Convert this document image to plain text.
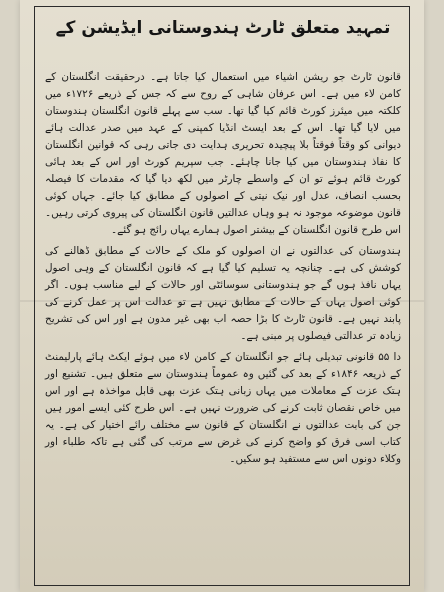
تمہید متعلق ٹارٹ ہندوستانی ایڈیشن کے

قانون ٹارٹ جو ریشن اشیاء میں استعمال کیا جاتا ہے۔ درحقیقت انگلستان کے کامن لاء میں ہے۔ اس عرفان شاہی کے روح سے کہ جس کے ذریعے ۱۷۲۶ء میں کلکتہ میں میئرز کورٹ قائم کیا گیا تھا۔ سب سے پہلے قانون انگلستان ہندوستان میں لایا گیا تھا۔ اس کے بعد ایسٹ انڈیا کمپنی کے عہد میں صدر عدالت ہائے دیوانی کو وقتاً فوقتاً بلا پیچیدہ تحریری ہدایت دی جاتی رہی کہ قوانین انگلستان کا نفاذ ہندوستان میں کیا جانا چاہئے۔ جب سپریم کورٹ اور اس کے بعد ہائی کورٹ قائم ہوئے تو ان کے واسطے چارٹر میں لکھ دیا گیا کہ مقدمات کا فیصلہ بحسب انصاف، عدل اور نیک نیتی کے اصولوں کے مطابق کیا جائے۔ جہاں کوئی قانون موضوعہ موجود نہ ہو وہاں عدالتیں قانون انگلستان کی پیروی کرتی رہیں۔ اس طرح قانون انگلستان کے بیشتر اصول ہمارے یہاں رائج ہو گئے۔

ہندوستان کی عدالتوں نے ان اصولوں کو ملک کے حالات کے مطابق ڈھالنے کی کوشش کی ہے۔ چنانچہ یہ تسلیم کیا گیا ہے کہ قانون انگلستان کے وہی اصول یہاں نافذ ہوں گے جو ہندوستانی سوسائٹی اور حالات کے لیے مناسب ہوں۔ اگر کوئی اصول یہاں کے حالات کے مطابق نہیں ہے تو عدالت اس پر عمل کرنے کی پابند نہیں ہے۔ قانون ٹارٹ کا بڑا حصہ اب بھی غیر مدون ہے اور اس کی تشریح زیادہ تر عدالتی فیصلوں پر مبنی ہے۔

دا ۵۵ قانونی تبدیلی ہائے جو انگلستان کے کامن لاء میں ہوئے ایکٹ ہائے پارلیمنٹ کے ذریعہ ۱۸۴۶ء کے بعد کی گئیں وہ عموماً ہندوستان سے متعلق ہیں۔ تشنیع اور ہتک عزت کے معاملات میں یہاں زبانی ہتک عزت بھی قابل مواخذہ ہے اور اس میں خاص نقصان ثابت کرنے کی ضرورت نہیں ہے۔ اس طرح کئی ایسے امور ہیں جن کی بابت عدالتوں نے انگلستان کے قانون سے مختلف رائے اختیار کی ہے۔ یہ کتاب اسی فرق کو واضح کرنے کی غرض سے مرتب کی گئی ہے تاکہ طلباء اور وکلاء دونوں اس سے مستفید ہو سکیں۔
